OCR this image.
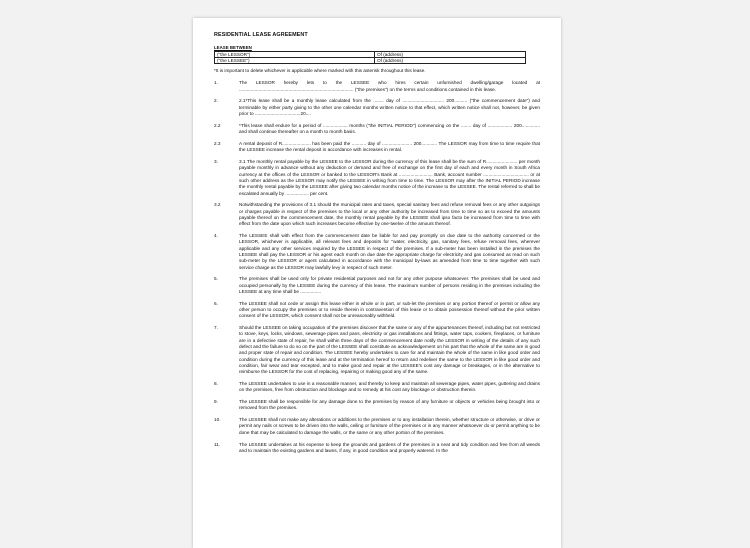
RESIDENTIAL LEASE AGREEMENT
LEASE BETWEEN
("the LESSOR")	Of (address)
("the LESSEE")	Of (address)
*It is important to delete whichever is applicable where marked with this asterisk throughout this lease.
1.	The LESSOR hereby lets to the LESSEE who hires certain unfurnished dwelling/garage located at ........................................................................................ ("the premises") on the terms and conditions contained in this lease.
2.	2.1*This lease shall be a monthly lease calculated from the ........ day of ................................ 200.......... ("the commencement date") and terminable by either party giving to the other one calendar months written notice to that effect, which written notice shall not, however, be given prior to ...................................20....
2.2	*This lease shall endure for a period of ................... months ("the INITIAL PERIOD") commencing on the ........ day of ................... 200.............. and shall continue thereafter on a month to month basis.
2.3	A rental deposit of R...................... has been paid the ........... day of ....................... 200............ The LESSOR may from time to time require that the LESSEE increase the rental deposit in accordance with increases in rental.
3.	3.1 The monthly rental payable by the LESSEE to the LESSOR during the currency of this lease shall be the sum of R........................ per month payable monthly in advance without any deduction or demand and free of exchange on the first day of each and every month in South Africa currency at the offices of the LESSOR or banked to the LESSOR's Bank at .......................... Bank, account number ................................... or at such other address as the LESSOR may notify the LESSEE in writing from time to time. The LESSOR may after the INITIAL PERIOD increase the monthly rental payable by the LESSEE after giving two calendar months notice of the increase to the LESSEE. The rental referred to shall be escalated annually by .................. per cent.
3.2	Notwithstanding the provisions of 3.1 should the municipal rates and taxes, special sanitary fees and refuse removal fees or any other outgoings or charges payable in respect of the premises to the local or any other authority be increased from time to time so as to exceed the amounts payable thereof on the commencement date, the monthly rental payable by the LESSEE shall ipso facto be increased from time to time with effect from the date upon which such increases become effective by one-twelve of the amount thereof.
4.	The LESSEE shall with effect from the commencement date be liable for and pay promptly on due date to the authority concerned or the LESSOR, whichever is applicable, all relevant fees and deposits for "water, electricity, gas, sanitary fees, refuse removal fees, wherever applicable and any other services required by the LESSEE in respect of the premises. If a sub-meter has been installed in the premises the LESSEE shall pay the LESSOR or his agent each month on due date the appropriate charge for electricity and gas consumed as read on such sub-meter by the LESSOR or agent calculated in accordance with the municipal by-laws as amended from time to time together with such service charge as the LESSOR may lawfully levy in respect of such meter.
5.	The premises shall be used only for private residential purposes and not for any other purpose whatsoever. The premises shall be used and occupied personally by the LESSEE during the currency of this lease. The maximum number of persons residing in the premises including the LESSEE at any time shall be ................
6.	The LESSEE shall not cede or assign this lease either in whole or in part, or sub-let the premises or any portion thereof or permit or allow any other person to occupy the premises or to reside therein in contravention of this lease or to obtain possession thereof without the prior written consent of the LESSOR, which consent shall not be unreasonably withheld.
7.	Should the LESSEE on taking occupation of the premises discover that the same or any of the appurtenances thereof, including but not restricted to stove, keys, locks, windows, sewerage pipes and pans, electricity or gas installations and fittings, water taps, cookers, fireplaces, or furniture are in a defective state of repair, he shall within three days of the commencement date notify the LESSOR in writing of the details of any such defect and the failure to do so on the part of the LESSEE shall constitute an acknowledgement on his part that the whole of the same are in good and proper state of repair and condition. The LESSEE hereby undertakes to care for and maintain the whole of the same in like good order and condition during the currency of this lease and at the termination hereof to return and redeliver the same to the LESSOR in like good order and condition, fair wear and tear excepted, and to make good and repair at the LESSEE's cost any damage or breakages, or in the alternative to reimburse the LESSOR for the cost of replacing, repairing or making good any of the same.
8.	The LESSEE undertakes to use in a reasonable manner, and thereby to keep and maintain all sewerage pipes, water pipes, guttering and drains on the premises, free from obstruction and blockage and to remedy at his cost any blockage or obstruction therein.
9.	The LESSEE shall be responsible for any damage done to the premises by reason of any furniture or objects or vehicles being brought into or removed from the premises.
10.	The LESSEE shall not make any alterations or additions to the premises or to any installation therein, whether structure or otherwise, or drive or permit any nails or screws to be driven into the walls, ceiling or furniture of the premises or in any manner whatsoever do or permit anything to be done that may be calculated to damage the walls, or the same or any other portion of the premises.
11.	The LESSEE undertakes at his expense to keep the grounds and gardens of the premises in a neat and tidy condition and free from all weeds and to maintain the existing gardens and lawns, if any, in good condition and properly watered. In the
